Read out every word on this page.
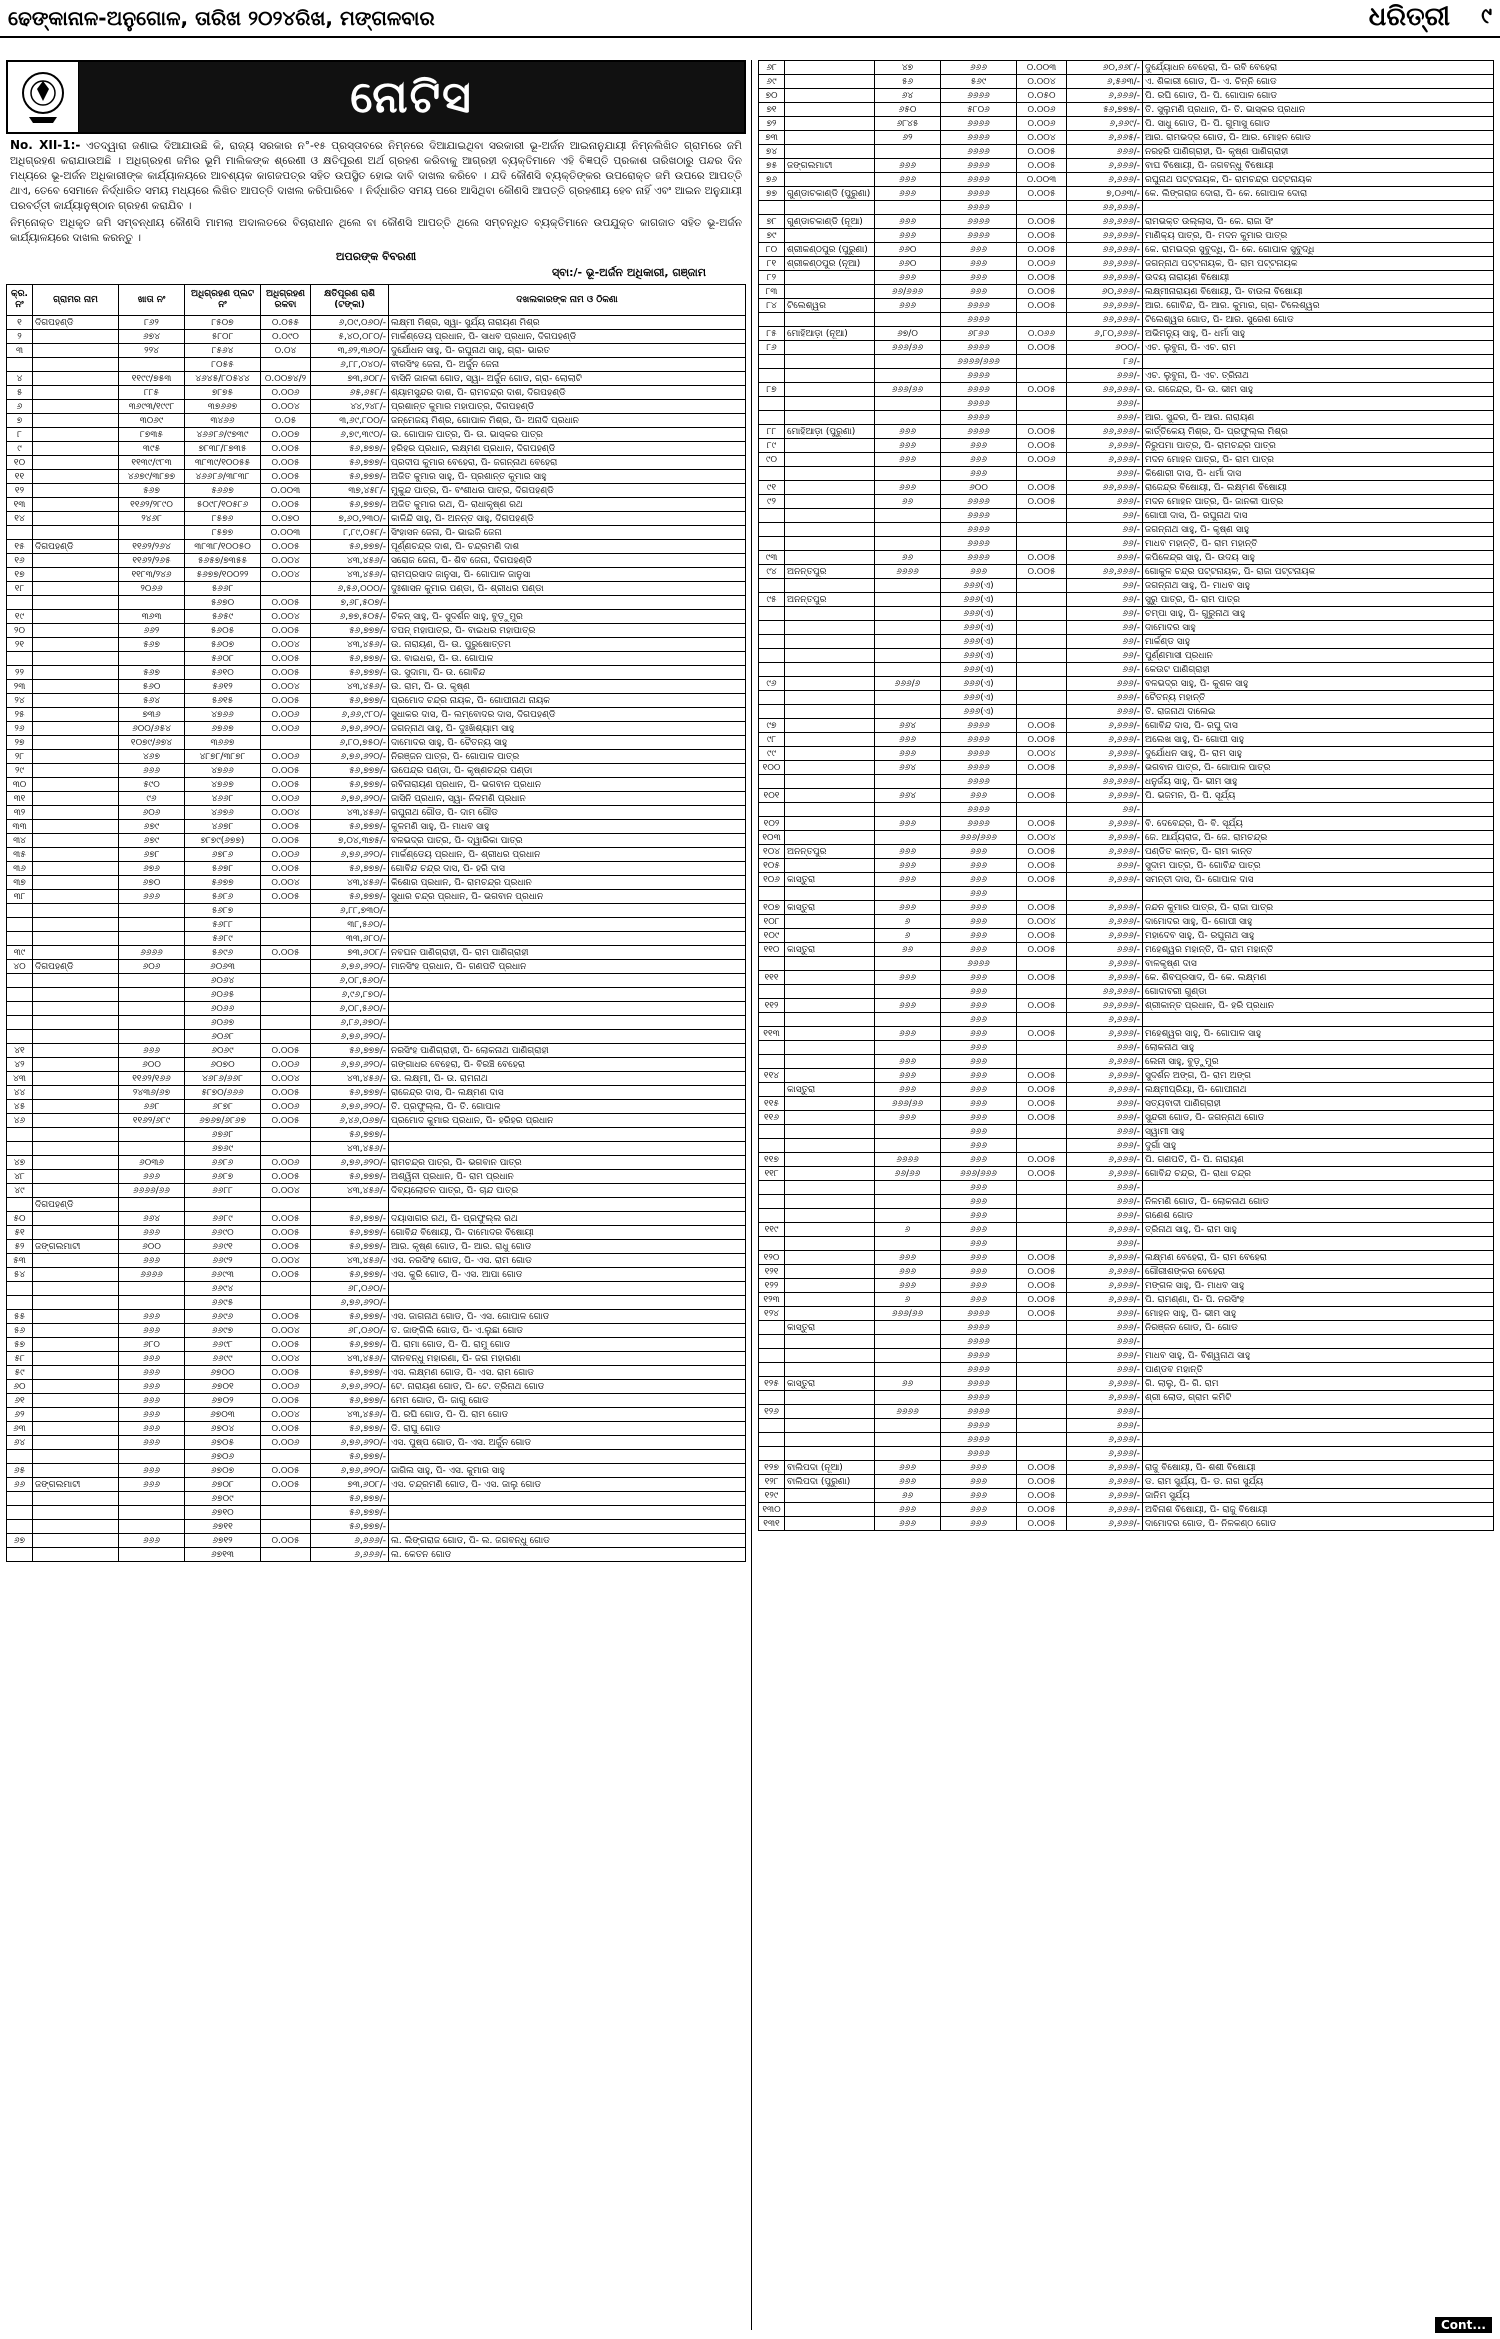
ଢେଙ୍କାନାଳ-ଅନୁଗୋଳ, ତାରିଖ ୨୦୨୪ରିଖ, ମଙ୍ଗଳବାର	ଧରିତ୍ରୀ ୯
ନୋଟିସ
No. XII-1:- ଏତଦ୍ୱାରା ଜଣାଇ ଦିଆଯାଉଛି କି, ରାଜ୍ୟ ସରକାର ନ°-୧୫ ପ୍ରସ୍ତାବରେ ନିମ୍ନରେ ଦିଆଯାଇଥିବା ସରକାରୀ ଭୂ-ଅର୍ଜନ ଆଇନାନୁଯାୟୀ ନିମ୍ନଲିଖିତ ଗ୍ରାମରେ ଜମି ଅଧିଗ୍ରହଣ କରାଯାଉଅଛି । ଅଧିଗ୍ରହଣ ଜମିର ଭୂମି ମାଲିକଙ୍କ ଶ୍ରେଣୀ ଓ କ୍ଷତିପୂରଣ ଅର୍ଥ ଗ୍ରହଣ କରିବାକୁ ଆଗ୍ରହୀ ବ୍ୟକ୍ତିମାନେ ଏହି ବିଜ୍ଞପ୍ତି ପ୍ରକାଶ ତାରିଖଠାରୁ ପନ୍ଦର ଦିନ ମଧ୍ୟରେ ଭୂ-ଅର୍ଜନ ଅଧିକାରୀଙ୍କ କାର୍ଯ୍ୟାଳୟରେ ଆବଶ୍ୟକ କାଗଜପତ୍ର ସହିତ ଉପସ୍ଥିତ ହୋଇ ଦାବି ଦାଖଲ କରିବେ । ଯଦି କୌଣସି ବ୍ୟକ୍ତିଙ୍କର ଉପରୋକ୍ତ ଜମି ଉପରେ ଆପତ୍ତି ଥାଏ, ତେବେ ସେମାନେ ନିର୍ଦ୍ଧାରିତ ସମୟ ମଧ୍ୟରେ ଲିଖିତ ଆପତ୍ତି ଦାଖଲ କରିପାରିବେ । ନିର୍ଦ୍ଧାରିତ ସମୟ ପରେ ଆସିଥିବା କୌଣସି ଆପତ୍ତି ଗ୍ରହଣୀୟ ହେବ ନାହିଁ ଏବଂ ଆଇନ ଅନୁଯାୟୀ ପରବର୍ତ୍ତୀ କାର୍ଯ୍ୟାନୁଷ୍ଠାନ ଗ୍ରହଣ କରାଯିବ ।
ନିମ୍ନୋକ୍ତ ଅଧିକୃତ ଜମି ସମ୍ବନ୍ଧୀୟ କୌଣସି ମାମଲା ଅଦାଲତରେ ବିଚାରାଧୀନ ଥିଲେ ବା କୌଣସି ଆପତ୍ତି ଥିଲେ ସମ୍ବନ୍ଧିତ ବ୍ୟକ୍ତିମାନେ ଉପଯୁକ୍ତ କାଗଜାତ ସହିତ ଭୂ-ଅର୍ଜନ କାର୍ଯ୍ୟାଳୟରେ ଦାଖଲ କରନ୍ତୁ ।
ଅପରଙ୍କ ବିବରଣୀ
ସ୍ବା:/- ଭୂ-ଅର୍ଜନ ଅଧିକାରୀ, ଗଞ୍ଜାମ
କ୍ର. ନଂ	ଗ୍ରାମର ନାମ	ଖାତା ନଂ	ଅଧିଗ୍ରହଣ ପ୍ଲଟ ନଂ	ଅଧିଗ୍ରହଣ ରକବା	କ୍ଷତିପୂରଣ ରାଶି (ଟଙ୍କା)	ଦଖଲକାରଙ୍କ ନାମ ଓ ଠିକଣା
୧	ଦିଗପହଣ୍ଡି	୮୬୨	୮୫୦୭	୦.୦୫୫	୬,୦୯,୦୬୦/-	ଲକ୍ଷ୍ମୀ ମିଶ୍ର, ସ୍ୱା- ସୁର୍ଯ୍ୟ ନାରାୟଣ ମିଶ୍ର
୨		୬୭୪	୫୮୦୮	୦.୦୯୦	୫,୪୦,୦୮୦/-	ମାର୍କଣ୍ଡେୟ ପ୍ରଧାନ, ପି- ସାଧବ ପ୍ରଧାନ, ଦିଗପହଣ୍ଡି
୩		୨୨୪	୮୫୬୪	୦.୦୪	୩,୬୨,୩୬୦/-	ଦୁର୍ଯୋଧନ ସାହୁ, ପି- ରଘୁନାଥ ସାହୁ, ଗ୍ରା- ଭାରତ
			୮୦୫୫		୬,୮୮,୦୪୦/-	ବୀରସିଂହ ଜେନା, ପି- ଅର୍ଜୁନ ଜେନା
୪		୧୧୯୯/୭୫୩	୪୬୪୫/୮୦୫୪୪	୦.୦୦୭୪/୨	୭୩,୬୦୮/-	ବାସିନି ଜାନକୀ ଗୋଡ, ସ୍ୱା- ଅର୍ଜୁନ ଗୋଡ, ଗ୍ରା- ଲୋଲାଟି
୫		୮୮୫	୭୮୭୫	୦.୦୦୬	୬୫,୬୫୮/-	ଶ୍ୟାମସୁନ୍ଦର ଦାଶ, ପି- ରାମଚନ୍ଦ୍ର ଦାଶ, ଦିଗପହଣ୍ଡି
୬		୩୬୯୩/୧୯୯୮	୩୭୬୬୭	୦.୦୦୪	୪୪,୨୪୮/-	ପ୍ରଶାନ୍ତ କୁମାର ମହାପାତ୍ର, ଦିଗପହଣ୍ଡି
୭		୩୦୬୯	୩୪୬୬	୦.୦୫	୩,୬୯,୮୦୦/-	ଜନ୍ମେଜୟ ମିଶ୍ର, ଗୋପାଳ ମିଶ୍ର, ପି- ଅନାଦି ପ୍ରଧାନ
୮		୮୭୩୫	୪୬୬୮୬/୯୭୩୯	୦.୦୦୭	୬,୭୯,୩୯୦/-	ଉ. ଗୋପାଳ ପାତ୍ର, ପି- ଉ. ଭାସ୍କର ପାତ୍ର
୯		୩୯୫	୭୮୩୮/୮୭୩୫	୦.୦୦୫	୫୬,୭୭୭/-	ହରିହର ପ୍ରଧାନ, ଲକ୍ଷ୍ମଣ ପ୍ରଧାନ, ଦିଗପହଣ୍ଡି
୧୦		୧୧୩୯/୯୮୩	୩୮୩୯/୧୦୦୫୫	୦.୦୦୫	୫୬,୭୭୭/-	ପ୍ରଦୀପ କୁମାର ବେହେରା, ପି- ଜଗନ୍ନାଥ ବେହେରା
୧୧		୪୬୭୯/୩୮୭୭	୪୬୬୮୬/୩୮୩୮	୦.୦୦୫	୫୬,୭୭୭/-	ଅଜିତ କୁମାର ସାହୁ, ପି- ପ୍ରଶାନ୍ତ କୁମାର ସାହୁ
୧୨		୫୬୭	୫୬୬୭	୦.୦୦୩	୩୭,୪୫୮/-	ମୁକୁନ୍ଦ ପାତ୍ର, ପି- ବଂଶୀଧର ପାତ୍ର, ଦିଗପହଣ୍ଡି
୧୩		୧୧୬୨/୨୮୯୦	୫୦୯୮/୧୦୫୮୬	୦.୦୦୫	୫୬,୭୭୭/-	ଅଜିତ କୁମାର ରଥ, ପି- ରାଧାକୃଷ୍ଣ ରଥ
୧୪		୨୪୬୮	୮୫୭୬	୦.୦୭୦	୭,୬୦,୨୩୦/-	କାଳିନ୍ଦି ସାହୁ, ପି- ଅନନ୍ତ ସାହୁ, ଦିଗପହଣ୍ଡି
			୮୫୭୭	୦.୦୦୩	୮,୮୯,୦୫୮/-	ସିଂହାସନ ଜେନା, ପି- ଭାଇଜି ଜେନା
୧୫	ଦିଗପହଣ୍ଡି	୧୧୬୨/୨୬୪	୩୮୩୮/୧୦୦୫୦	୦.୦୦୫	୫୬,୭୭୭/-	ପୂର୍ଣ୍ଣଚନ୍ଦ୍ର ଦାଶ, ପି- ଚନ୍ଦ୍ରମଣି ଦାଶ
୧୬		୧୧୬୨/୨୬୫	୫୬୫୭/୭୩୫୫	୦.୦୦୪	୪୩,୪୫୬/-	ସରୋଜ ଜେନା, ପି- ଶିବ ଜେନା, ଦିଗପହଣ୍ଡି
୧୭		୧୧୮୩/୨୪୬	୫୬୭୭/୧୦୦୨୨	୦.୦୦୪	୪୩,୪୫୬/-	ରାମପ୍ରସାଦ ଜାନୁସା, ପି- ଗୋପାଳ ଜାନୁସା
୧୮		୨୦୬୬	୫୬୬୮		୬,୫୬,୦୦୦/-	ଦୁଃଶାସନ କୁମାର ପଣ୍ଡା, ପି- ଶ୍ରୀଧର ପଣ୍ଡା
			୫୬୭୦	୦.୦୦୫	୭,୬୮,୫୦୭/-	
୧୯		୩୬୩	୫୬୫୯	୦.୦୦୪	୬,୭୭,୫୦୫/-	ଚିକନ୍ ସାହୁ, ପି- ସୁଦର୍ଶନ ସାହୁ, ବୁଡ଼ୁମୁର
୨୦		୬୬୨	୫୬୦୫	୦.୦୦୫	୫୬,୭୭୭/-	ତପନ୍ ମହାପାତ୍ର, ପି- ବାଇଧର ମହାପାତ୍ର
୨୧		୫୬୭	୫୬୦୭	୦.୦୦୪	୪୩,୪୫୬/-	ଉ. ନାରାୟଣ, ପି- ଉ. ପୁରୁଷୋତ୍ତମ
			୫୬୦୮	୦.୦୦୫	୫୬,୭୭୭/-	ଉ. ବାଇଧର, ପି- ଉ. ଗୋପାଳ
୨୨		୫୬୭	୫୬୧୦	୦.୦୦୫	୫୬,୭୭୭/-	ଉ. ସୁଦାମା, ପି- ଉ. ଗୋବିନ୍ଦ
୨୩		୫୬୦	୫୬୧୨	୦.୦୦୪	୪୩,୪୫୬/-	ଉ. ରାମ, ପି- ଉ. କୃଷ୍ଣ
୨୪		୫୬୪	୫୬୧୫	୦.୦୦୫	୫୬,୭୭୭/-	ପ୍ରମୋଦ ଚନ୍ଦ୍ର ନାୟକ, ପି- ଗୋପୀନାଥ ନାୟକ
୨୫		୭୩୬	୪୭୬୬	୦.୦୦୬	୬,୬୬,୯୮୦/-	ସୁଧାକର ଦାସ, ପି- ଲମ୍ବୋଦର ଦାସ, ଦିଗପହଣ୍ଡି
୨୬		୬୦୦/୬୫୪	୬୭୬୭	୦.୦୦୬	୬,୭୬,୬୨୦/-	ଜଗନ୍ନାଥ ସାହୁ, ପି- ଦୁଃଖିଶ୍ୟାମ ସାହୁ
୨୭		୧୦୭୯/୬୭୪	୩୬୬୭		୬,୮୦,୭୫୦/-	ଦାମୋଦର ସାହୁ, ପି- ଚୈତନ୍ୟ ସାହୁ
୨୮		୪୬୭	୪୮୭୮/୩୮୭୮	୦.୦୦୬	୬,୭୬,୬୨୦/-	ନିରଞ୍ଜନ ପାତ୍ର, ପି- ଗୋପାଳ ପାତ୍ର
୨୯		୬୬୬	୪୭୬୬	୦.୦୦୫	୫୬,୭୭୭/-	ଉପେନ୍ଦ୍ର ପଣ୍ଡା, ପି- କୃଷ୍ଣଚନ୍ଦ୍ର ପଣ୍ଡା
୩୦		୫୯୦	୪୭୬୭	୦.୦୦୫	୫୬,୭୭୭/-	ରବିନାରାୟଣ ପ୍ରଧାନ, ପି- ଭଗବାନ ପ୍ରଧାନ
୩୧		୯୬	୪୬୬୮	୦.୦୦୬	୬,୭୬,୬୨୦/-	ଜାସିନି ପ୍ରଧାନ, ସ୍ୱା- ନିଳମଣି ପ୍ରଧାନ
୩୨		୬୦୬	୪୬୭୬	୦.୦୦୪	୪୩,୪୫୬/-	ରଘୁନାଥ ଗୌଡ, ପି- ଦାମ ଗୌଡ
୩୩		୬୭୯	୪୬୭୮	୦.୦୦୫	୫୬,୭୭୭/-	କୁଳମଣି ସାହୁ, ପି- ମାଧବ ସାହୁ
୩୪		୬୭୯	୭୮୭୯(୬୭୭)	୦.୦୦୫	୭,୦୪,୩୭୫/-	ବଳଭଦ୍ର ପାତ୍ର, ପି- ଦ୍ୱାରିକା ପାତ୍ର
୩୫		୬୭୮	୬୭୮୬	୦.୦୦୬	୬,୭୬,୬୨୦/-	ମାର୍କଣ୍ଡେୟ ପ୍ରଧାନ, ପି- ଶ୍ରୀଧର ପ୍ରଧାନ
୩୬		୬୭୬	୫୬୭୮	୦.୦୦୫	୫୬,୭୭୭/-	ଗୋବିନ୍ଦ ଚନ୍ଦ୍ର ଦାସ, ପି- ହରି ଦାସ
୩୭		୬୭୦	୫୬୭୭	୦.୦୦୪	୪୩,୪୫୬/-	କିଶୋର ପ୍ରଧାନ, ପି- ରାମଚନ୍ଦ୍ର ପ୍ରଧାନ
୩୮		୬୬୬	୫୬୮୬	୦.୦୦୫	୫୬,୭୭୭/-	ସୁଧାର ଚନ୍ଦ୍ର ପ୍ରଧାନ, ପି- ଭଗବାନ ପ୍ରଧାନ
			୫୬୮୭		୬,୮୮,୭୩୦/-	
			୫୬୮୮		୩୮,୫୬୦/-	
			୫୬୮୯		୩୩,୬୮୦/-	
୩୯		୬୬୬୬	୫୬୯୬	୦.୦୦୫	୭୩,୬୦୮/-	ନବଘନ ପାଣିଗ୍ରାହୀ, ପି- ରାମ ପାଣିଗ୍ରାହୀ
୪୦	ଦିଗପହଣ୍ଡି	୬୦୬	୬୦୬୩		୬,୭୬,୬୨୦/-	ମାନସିଂହ ପ୍ରଧାନ, ପି- ଗଣପତି ପ୍ରଧାନ
			୬୦୬୪		୬,୦୮,୫୬୦/-	
			୬୦୬୫		୬,୯୬,୮୭୦/-	
			୬୦୬୬		୬,୦୮,୫୬୦/-	
			୬୦୬୭		୬,୮୬,୬୭୦/-	
			୬୦୬୮		୬,୭୬,୬୨୦/-	
୪୧		୬୬୬	୬୦୬୯	୦.୦୦୫	୫୬,୭୭୭/-	ନରସିଂହ ପାଣିଗ୍ରାହୀ, ପି- ଲୋକନାଥ ପାଣିଗ୍ରାହୀ
୪୨		୬୦୦	୬୦୭୦	୦.୦୦୬	୬,୭୬,୬୨୦/-	ଗଙ୍ଗାଧର ବେହେରା, ପି- ବିରଞ୍ଚି ବେହେରା
୪୩		୧୧୬୨/୧୬୬	୪୬୮୬/୬୬୮	୦.୦୦୪	୪୩,୪୫୬/-	ଉ. ଲକ୍ଷ୍ମୀ, ପି- ଉ. ରାମନାଥ
୪୪		୨୪୩୬/୬୭	୫୮୭୦/୬୬୬	୦.୦୦୫	୫୬,୭୭୭/-	ରାଜେନ୍ଦ୍ର ଦାସ, ପି- ଲକ୍ଷ୍ମଣ ଦାସ
୪୫		୬୬୮	୬୮୭୮	୦.୦୦୬	୬,୭୬,୬୨୦/-	ତି. ପ୍ରଫୁଲ୍ଲ, ପି- ତି. ଗୋପାଳ
୪୬		୧୧୬୨/୬୮୯	୬୭୬୭/୬୮୬୭	୦.୦୦୫	୬,୪୬,୦୬୭/-	ପ୍ରମୋଦ କୁମାର ପ୍ରଧାନ, ପି- ହରିହର ପ୍ରଧାନ
			୬୭୬୮		୫୬,୭୭୭/-	
			୬୭୬୯		୪୩,୪୫୬/-	
୪୭		୬୦୩୬	୬୬୮୬	୦.୦୦୬	୬,୭୬,୬୨୦/-	ରାମଚନ୍ଦ୍ର ପାତ୍ର, ପି- ଭଗବାନ ପାତ୍ର
୪୮		୬୬୬	୬୬୮୭	୦.୦୦୫	୫୬,୭୭୭/-	ଅଶ୍ୱିନୀ ପ୍ରଧାନ, ପି- ରାମ ପ୍ରଧାନ
୪୯		୬୬୬୬/୬୬	୬୬୮୮	୦.୦୦୪	୪୩,୪୫୬/-	ଦିବ୍ୟଲୋଚନ ପାତ୍ର, ପି- ଚାନ୍ଦ ପାତ୍ର
	ଦିଗପହଣ୍ଡି					
୫୦		୬୬୪	୬୬୮୯	୦.୦୦୫	୫୬,୭୭୭/-	ଦୟାସାଗର ରଥ, ପି- ପ୍ରଫୁଲ୍ଲ ରଥ
୫୧		୬୬୬	୬୬୯୦	୦.୦୦୫	୫୬,୭୭୭/-	ଗୋବିନ୍ଦ ବିଷୋୟୀ, ପି- ଦାମୋଦର ବିଷୋୟୀ
୫୨	ଜଙ୍ଗଲମାଟୀ	୬୦୦	୬୬୯୧	୦.୦୦୫	୫୬,୭୭୭/-	ଆର. କୃଷ୍ଣ ଗୋଡ, ପି- ଆର. ରାଧୁ ଗୋଡ
୫୩		୬୬୬	୬୬୯୨	୦.୦୦୪	୪୩,୪୫୬/-	ଏସ. ନରସିଂହ ଗୋଡ, ପି- ଏସ. ରାମ ଗୋଡ
୫୪		୬୬୬୬	୬୬୯୩	୦.୦୦୫	୫୬,୭୭୭/-	ଏସ. କୁରି ଗୋଡ, ପି- ଏସ. ଆପା ଗୋଡ
			୬୬୯୪		୬୮,୦୬୦/-	
			୬୬୯୫		୬,୭୬,୬୨୦/-	
୫୫		୬୬୬	୬୬୯୬	୦.୦୦୫	୫୬,୭୭୭/-	ଏସ. ଜାଗନାଥ ଗୋଡ, ପି- ଏସ. ଗୋପାଳ ଗୋଡ
୫୬		୬୬୬	୬୬୯୭	୦.୦୦୪	୬୮,୦୬୦/-	ତ. ଜାଙ୍ଗିଲି ଗୋଡ, ପି- ଏ.ଲୁଛା ଗୋଡ
୫୭		୬୮୦	୬୬୯୮	୦.୦୦୫	୫୬,୭୭୭/-	ପି. ରାମା ଗୋଡ, ପି- ପି. ରାମୁ ଗୋଡ
୫୮		୬୬୬	୬୬୯୯	୦.୦୦୪	୪୩,୪୫୬/-	ଦୀନବନ୍ଧୁ ମହାରଣା, ପି- ଜଗ ମହାରଣା
୫୯		୬୬୬	୬୭୦୦	୦.୦୦୫	୫୬,୭୭୭/-	ଏସ. ଲକ୍ଷ୍ମଣ ଗୋଡ, ପି- ଏସ. ରାମ ଗୋଡ
୬୦		୬୬୬	୬୭୦୧	୦.୦୦୬	୬,୭୬,୬୨୦/-	ଟେ. ନାରାୟଣ ଗୋଡ, ପି- ଟେ. ତ୍ରିନାଥ ଗୋଡ
୬୧		୬୬୬	୬୭୦୨	୦.୦୦୫	୫୬,୭୭୭/-	ମେମ ଗୋଡ, ପି- ଜାଗୁ ଗୋଡ
୬୨		୬୬୬	୬୭୦୩	୦.୦୦୪	୪୩,୪୫୬/-	ପି. ରଘି ଗୋଡ, ପି- ପି. ରାମ ଗୋଡ
୬୩		୬୬୬	୬୭୦୪	୦.୦୦୫	୫୬,୭୭୭/-	ଡି. ରାଘୁ ଗୋଡ
୬୪		୬୬୬	୬୭୦୫	୦.୦୦୬	୬,୭୬,୬୨୦/-	ଏସ. ପୁଷ୍ପ ଗୋଡ, ପି- ଏସ. ଅର୍ଜୁନ ଗୋଡ
			୬୭୦୬		୫୬,୭୭୭/-	
୬୫		୬୬୬	୬୭୦୭	୦.୦୦୫	୬,୭୬,୬୨୦/-	ଜାଗିଲ ସାହୁ, ପି- ଏସ. କୁମାର ସାହୁ
୬୬	ଜଙ୍ଗଲମାଟୀ	୬୬୬	୬୭୦୮	୦.୦୦୫	୭୩,୬୦୮/-	ଏସ. ଚନ୍ଦ୍ରମଣି ଗୋଡ, ପି- ଏସ. ଜାଲୁ ଗୋଡ
			୬୭୦୯		୫୬,୭୭୭/-	
			୬୭୧୦		୫୬,୭୭୭/-	
			୬୭୧୧		୫୬,୭୭୭/-	
୬୭		୬୬୬	୬୭୧୨	୦.୦୦୫	୬,୬୬୬/-	ଲ. ଲିଙ୍ଗରାଜ ଗୋଡ, ପି- ଲ. ଜଗବନ୍ଧୁ ଗୋଡ
			୬୭୧୩		୬,୬୬୬/-	ଲ. କେତନ ଗୋଡ
୬୮		୪୭	୬୬୬	୦.୦୦୩	୬୦,୬୬୮/-	ଦୁର୍ଯ୍ୟୋଧନ ବେହେରା, ପି- ରବି ବେହେରା
୬୯		୫୬	୫୬୯	୦.୦୦୪	୬,୫୬୩/-	ଏ. ଶିକାରୀ ଗୋଡ, ପି- ଏ. ଚିନ୍ନି ଗୋଡ
୭୦		୬୪	୬୬୬୬	୦.୦୫୦	୬,୬୬୬/-	ପି. ରଘି ଗୋଡ, ପି- ପି. ଗୋପାଳ ଗୋଡ
୭୧		୬୫୦	୫୮୦୬	୦.୦୦୬	୫୬,୭୭୭/-	ତି. ସୁଲୁମଣି ପ୍ରଧାନ, ପି- ତି. ଭାସ୍କର ପ୍ରଧାନ
୭୨		୬୮୪୫	୬୬୬୬	୦.୦୦୬	୬,୬୬୯/-	ପି. ସାଧୁ ଗୋଡ, ପି- ପି. ଗୁମାସୁ ଗୋଡ
୭୩		୬୨	୬୬୬୬	୦.୦୦୪	୬,୬୬୫/-	ଆର. ରାମଭଦ୍ର ଗୋଡ, ପି- ଆର. ମୋହନ ଗୋଡ
୭୪			୬୬୬୬	୦.୦୦୫	୬୬୬/-	ନରହରି ପାଣିଗ୍ରାହୀ, ପି- କୃଷ୍ଣ ପାଣିଗ୍ରାହୀ
୭୫	ଜଙ୍ଗଲମାଟୀ	୬୬୬	୬୬୬୬	୦.୦୦୫	୬,୬୬୬/-	ବାଘ ବିଷୋୟୀ, ପି- ଜଗବନ୍ଧୁ ବିଷୋୟୀ
୭୬		୬୬୬	୬୬୬୬	୦.୦୦୩	୬,୬୬୬/-	ରଘୁନାଥ ପଟ୍ଟନାୟକ, ପି- ରାମଚନ୍ଦ୍ର ପଟ୍ଟନାୟକ
୭୭	ଗୁଣ୍ଡାଚକାଣ୍ଡି (ପୁରୁଣା)	୬୬୬	୬୬୬୬	୦.୦୦୫	୭,୦୬୩/-	କେ. ଲିଙ୍ଗରାଜ ଦୋରା, ପି- କେ. ଗୋପାଳ ଦୋରା
			୬୬୬୬		୬୬,୬୬୬/-	
୭୮	ଗୁଣ୍ଡାଚକାଣ୍ଡି (ନୂଆ)	୬୬୬	୬୬୬୬	୦.୦୦୫	୬୬,୬୬୬/-	ରାମଭକ୍ତ ଉଲ୍ଲାସ, ପି- କେ. ରାଜା ସିଂ
୭୯		୬୬୬	୬୬୬୬	୦.୦୦୫	୬୬,୬୬୬/-	ମାଣିକ୍ୟ ପାତ୍ର, ପି- ମଦନ କୁମାର ପାତ୍ର
୮୦	ଶ୍ରୀକଣ୍ଠପୁର (ପୁରୁଣା)	୬୬୦	୬୬୬	୦.୦୦୫	୬୬,୬୬୬/-	କେ. ରାମଭଦ୍ର ସୁବୁଦ୍ଧି, ପି- କେ. ଗୋପାଳ ସୁବୁଦ୍ଧି
୮୧	ଶ୍ରୀକଣ୍ଠପୁର (ନୂଆ)	୬୬୦	୬୬୬	୦.୦୦୬	୬୬,୬୬୬/-	ଜଗନ୍ନାଥ ପଟ୍ଟନାୟକ, ପି- ରାମ ପଟ୍ଟନାୟକ
୮୨		୬୬୬	୬୬୬	୦.୦୦୫	୬୬,୬୬୬/-	ଉଦୟ ନାରାୟଣ ବିଷୋୟୀ
୮୩		୬୬/୬୬୬	୬୬୬	୦.୦୦୫	୬୦,୬୬୬/-	ଲକ୍ଷ୍ମୀନାରାୟଣ ବିଷୋୟୀ, ପି- ବାଉଳା ବିଷୋୟୀ
୮୪	ଟିଲେଶ୍ୱର	୬୬୬	୬୬୬୬	୦.୦୦୫	୬୬,୬୬୬/-	ଆର. ଗୋବିନ୍ଦ, ପି- ଆର. କୁମାର, ଗ୍ରା- ଟିଲେଶ୍ୱର
			୬୬୬୬		୬୬,୬୬୬/-	ଟିଲେଶ୍ୱର ଗୋଡ, ପି- ଆର. ସୁରେଶ ଗୋଡ
୮୫	ମୋହିଆଡ଼ା (ନୂଆ)	୬୭/୦	୬୮୬୬	୦.୦୬୬	୬,୮୦,୬୬୬/-	ଅଭିମନ୍ୟୁ ସାହୁ, ପି- ଧର୍ମା ସାହୁ
୮୬		୬୬୬/୬୬	୬୬୬୬	୦.୦୦୫	୬୦୦/-	ଏଚ. ଲୁବୁନା, ପି- ଏଚ. ରାମ
			୬୬୬୬/୬୬୬		୮୬/-	
			୬୬୬୬		୬୬୬/-	ଏଚ. ଲୁବୁନା, ପି- ଏଚ. ତ୍ରିନାଥ
୮୭		୬୬୬/୬୬	୬୬୬୬	୦.୦୦୫	୬୬,୬୬୬/-	ଉ. ଗଜେନ୍ଦ୍ର, ପି- ଉ. ଭୀମ ସାହୁ
			୬୬୬୬		୬୬୬/-	
			୬୬୬୬		୬୬୬/-	ଆର. ସୁନ୍ଦର, ପି- ଆର. ନାରାୟଣ
୮୮	ମୋହିଆଡ଼ା (ପୁରୁଣା)	୬୬୬	୬୬୬୬	୦.୦୦୫	୬୬,୬୬୬/-	କାର୍ତ୍ତିକେୟ ମିଶ୍ର, ପି- ପ୍ରଫୁଲ୍ଲ ମିଶ୍ର
୮୯		୬୬୬	୬୬୬	୦.୦୦୫	୬,୬୬୬/-	ନିରୁପମା ପାତ୍ର, ପି- ରାମଚନ୍ଦ୍ର ପାତ୍ର
୯୦		୬୬୬	୬୬୬	୦.୦୦୬	୬,୬୬୬/-	ମଦନ ମୋହନ ପାତ୍ର, ପି- ରାମ ପାତ୍ର
			୬୬୬		୬୬୬/-	କିଶୋରୀ ଦାସ, ପି- ଧର୍ମା ଦାସ
୯୧		୬୬୬	୬୦୦	୦.୦୦୫	୬୬,୬୬୬/-	ରାଜେନ୍ଦ୍ର ବିଷୋୟୀ, ପି- ଲକ୍ଷ୍ମଣ ବିଷୋୟୀ
୯୨		୬୬	୬୬୬୬	୦.୦୦୫	୬୬୬/-	ମଦନ ମୋହନ ପାତ୍ର, ପି- ଜାନକୀ ପାତ୍ର
			୬୬୬୬		୬୬/-	ଗୋପୀ ଦାସ, ପି- ରଘୁନାଥ ଦାସ
			୬୬୬୬		୬୬/-	ଜଗନ୍ନାଥ ସାହୁ, ପି- କୃଷ୍ଣ ସାହୁ
			୬୬୬୬		୬୬/-	ମାଧବ ମହାନ୍ତି, ପି- ରାମ ମହାନ୍ତି
୯୩		୬୬	୬୬୬୬	୦.୦୦୫	୬୬୬/-	କପିଳେନ୍ଦ୍ର ସାହୁ, ପି- ଉଦୟ ସାହୁ
୯୪	ଅନନ୍ତପୁର	୬୬୬୬	୬୬୬	୦.୦୦୫	୬୬,୬୬୬/-	ଗୋକୁଳ ଚନ୍ଦ୍ର ପଟ୍ଟନାୟକ, ପି- ରାଜା ପଟ୍ଟନାୟକ
			୬୬୬(ଏ)		୬୬/-	ଜଗନ୍ନାଥ ସାହୁ, ପି- ମାଧବ ସାହୁ
୯୫	ଅନନ୍ତପୁର		୬୬୬(ଏ)		୬୬/-	ସୁରୁ ପାତ୍ର, ପି- ରାମ ପାତ୍ର
			୬୬୬(ଏ)		୬୬/-	ଚମ୍ପା ସାହୁ, ପି- ଗୁରୁନାଥ ସାହୁ
			୬୬୬(ଏ)		୬୬/-	ଦାମୋଦର ସାହୁ
			୬୬୬(ଏ)		୬୬/-	ମାର୍କଣ୍ଡ ସାହୁ
			୬୬୬(ଏ)		୬୬/-	ପୁର୍ଣ୍ଣମାସୀ ପ୍ରଧାନ
			୬୬୬(ଏ)		୬୬/-	କେଉଟ ପାଣିଗ୍ରାହୀ
୯୬		୬୬୬/୬	୬୬୬(ଏ)		୬୬୬/-	ବଳଭଦ୍ର ସାହୁ, ପି- କୁଶଳ ସାହୁ
			୬୬୬(ଏ)		୬୬୬/-	ଚୈତନ୍ୟ ମହାନ୍ତି
			୬୬୬(ଏ)		୬୬୬/-	ତି. ରାଜନାଥ ଦାଲେଇ
୯୭		୬୬୪	୬୬୬୬	୦.୦୦୫	୬,୬୬୬/-	ଗୋବିନ୍ଦ ଦାସ, ପି- ରଘୁ ଦାସ
୯୮		୬୬୬	୬୬୬୬	୦.୦୦୫	୬,୬୬୬/-	ଅଲେଖ ସାହୁ, ପି- ଗୋପୀ ସାହୁ
୯୯		୬୬୬	୬୬୬୬	୦.୦୦୪	୬,୬୬୬/-	ଦୁର୍ଯୋଧନ ସାହୁ, ପି- ରାମ ସାହୁ
୧୦୦		୬୬୪	୬୬୬୬	୦.୦୦୫	୬,୬୬୬/-	ଭଗବାନ ପାତ୍ର, ପି- ଗୋପାଳ ପାତ୍ର
			୬୬୬୬		୬୬,୬୬୬/-	ଧନୁର୍ଜୟ ସାହୁ, ପି- ଭୀମ ସାହୁ
୧୦୧		୬୬୪	୬୬୬	୦.୦୦୫	୬,୬୬୬/-	ପି. ଭଜମନ, ପି- ପି. ସୂର୍ଯ୍ୟ
			୬୬୬୬		୬୬/-	
୧୦୨		୬୬୬	୬୬୬୬	୦.୦୦୫	୬,୬୬୬/-	ବି. ଦେବେନ୍ଦ୍ର, ପି- ବି. ସୂର୍ଯ୍ୟ
୧୦୩			୬୬୬/୬୬୬	୦.୦୦୪	୬,୬୬୬/-	ଜେ. ଆର୍ଯ୍ୟରାଜ, ପି- ଜେ. ରାମଚନ୍ଦ୍ର
୧୦୪	ଅନନ୍ତପୁର	୬୬୬	୬୬୬	୦.୦୦୫	୬,୬୬୬/-	ପଣ୍ଡିତ କାନ୍ତ, ପି- ରାମ କାନ୍ତ
୧୦୫		୬୬୬	୬୬୬	୦.୦୦୫	୬୬୬/-	ସୁଦାମ ପାତ୍ର, ପି- ଗୋବିନ୍ଦ ପାତ୍ର
୧୦୬	କାସ୍ତୁରା	୬୬୬	୬୬୬	୦.୦୦୫	୬,୬୬୬/-	ସମନ୍ତୀ ଦାସ, ପି- ଗୋପାଳ ଦାସ
			୬୬୬			
୧୦୭	କାସ୍ତୁରା	୬୬୬	୬୬୬	୦.୦୦୫	୬,୬୬୬/-	ନନ୍ଦନ କୁମାର ପାତ୍ର, ପି- ରାଜା ପାତ୍ର
୧୦୮		୬	୬୬୬	୦.୦୦୪	୬,୬୬୬/-	ଦାମୋଦର ସାହୁ, ପି- ଗୋପୀ ସାହୁ
୧୦୯		୬	୬୬୬	୦.୦୦୫	୬,୬୬୬/-	ମହାଦେବ ସାହୁ, ପି- ରଘୁନାଥ ସାହୁ
୧୧୦	କାସ୍ତୁରା	୬୬	୬୬୬	୦.୦୦୫	୬୬୬/-	ମହେଶ୍ୱର ମହାନ୍ତି, ପି- ରାମ ମହାନ୍ତି
			୬୬୬୬		୬,୬୬୬/-	ବାଳକୃଷ୍ଣ ଦାସ
୧୧୧		୬୬୬	୬୬୬	୦.୦୦୫	୬,୬୬୬/-	କେ. ଶିବପ୍ରସାଦ, ପି- କେ. ଲକ୍ଷ୍ମଣ
			୬୬୬		୬୬,୬୬୬/-	ଗୋଦାବରୀ ଗୁଣ୍ଡା
୧୧୨		୬୬୬	୬୬୬	୦.୦୦୫	୬୬,୬୬୬/-	ଶ୍ରୀକାନ୍ତ ପ୍ରଧାନ, ପି- ହରି ପ୍ରଧାନ
			୬୬୬		୬,୬୬୬/-	
୧୧୩		୬୬୬	୬୬୬	୦.୦୦୫	୬,୬୬୬/-	ମହେଶ୍ୱର ସାହୁ, ପି- ଗୋପାଳ ସାହୁ
			୬୬୬		୬୬୬/-	ଲୋକନାଥ ସାହୁ
		୬୬୬	୬୬୬		୬,୬୬୬/-	ଲେନୀ ସାହୁ, ବୁଡ଼ୁମୁର
୧୧୪		୬୬୬	୬୬୬	୦.୦୦୫	୬,୬୬୬/-	ସୁଦର୍ଶନ ଅଙ୍ଗ, ପି- ରାମ ଅଙ୍ଗ
	କାସ୍ତୁରା	୬୬୬	୬୬୬	୦.୦୦୫	୬,୬୬୬/-	ଲକ୍ଷ୍ମୀପ୍ରିୟା, ପି- ଗୋପୀନାଥ
୧୧୫		୬୬୬/୬୬	୬୬୬	୦.୦୦୫	୬୬୬/-	ସତ୍ୟବାଦୀ ପାଣିଗ୍ରାହୀ
୧୧୬		୬୬୬	୬୬୬	୦.୦୦୫	୬୬୬/-	ସୁନ୍ଦରୀ ଗୋଡ, ପି- ଜଗନ୍ନାଥ ଗୋଡ
			୬୬୬		୬୬୬/-	ସ୍ୱାମୀ ସାହୁ
			୬୬୬		୬୬୬/-	ଦୁର୍ଗା ସାହୁ
୧୧୭		୬୬୬୬	୬୬୬	୦.୦୦୫	୬,୬୬୬/-	ପି. ଗଣପତି, ପି- ପି. ନାରାୟଣ
୧୧୮		୬୬/୬୬	୬୬୬/୬୬୬	୦.୦୦୫	୬,୬୬୬/-	ଗୋବିନ୍ଦ ଚନ୍ଦ୍ର, ପି- ରାଧା ଚନ୍ଦ୍ର
			୬୬୬		୬୬୬/-	
			୬୬୬		୬୬୬/-	ନିଳମଣି ଗୋଡ, ପି- ଲୋକନାଥ ଗୋଡ
			୬୬୬		୬୬୬/-	ଗଣେଶ ଗୋଡ
୧୧୯		୬	୬୬୬		୬,୬୬୬/-	ତ୍ରିନାଥ ସାହୁ, ପି- ରାମ ସାହୁ
			୬୬୬		୬୬୬/-	
୧୨୦		୬୬୬	୬୬୬	୦.୦୦୫	୬,୬୬୬/-	ଲକ୍ଷ୍ମଣ ବେହେରା, ପି- ରାମ ବେହେରା
୧୨୧		୬୬୬	୬୬୬	୦.୦୦୫	୬,୬୬୬/-	ଗୌରୀଶଙ୍କର ବେହେରା
୧୨୨		୬୬୬	୬୬୬	୦.୦୦୫	୬,୬୬୬/-	ମଙ୍ଗଳ ସାହୁ, ପି- ମାଧବ ସାହୁ
୧୨୩		୬	୬୬୬	୦.୦୦୫	୬,୬୬୬/-	ପି. ରାମଣ୍ଣା, ପି- ପି. ନରସିଂହ
୧୨୪		୬୬୬/୬୬	୬୬୬୬	୦.୦୦୫	୬୬୬/-	ମୋହନ ସାହୁ, ପି- ଭୀମ ସାହୁ
	କାସ୍ତୁରା		୬୬୬୬		୬୬୬/-	ନିରଞ୍ଜନ ଗୋଡ, ପି- ଗୋଡ
			୬୬୬୬		୬୬୬/-	
			୬୬୬୬		୬୬୬/-	ମାଧବ ସାହୁ, ପି- ବିଶ୍ୱନାଥ ସାହୁ
			୬୬୬୬		୬୬୬/-	ପାଣ୍ଡବ ମହାନ୍ତି
୧୨୫	କାସ୍ତୁରା	୬୬	୬୬୬୬		୬,୬୬୬/-	ଗି. ଲାଲୁ, ପି- ଗି. ରାମ
			୬୬୬୬		୬,୬୬୬/-	ଶ୍ରୀ ଲୋଡ, ଗ୍ରାମ କମିଟି
୧୨୬		୬୬୬୬	୬୬୬୬		୬୬୬/-	
			୬୬୬୬		୬୬୬/-	
			୬୬୬୬		୬,୬୬୬/-	
			୬୬୬୬		୬,୬୬୬/-	
୧୨୭	ବାଲିପଦା (ନୂଆ)	୬୬୬	୬୬୬	୦.୦୦୫	୬,୬୬୬/-	ରାଜୁ ବିଷୋୟୀ, ପି- ଶଶୀ ବିଷୋୟୀ
୧୨୮	ବାଲିପଦା (ପୁରୁଣା)	୬୬୬	୬୬୬	୦.୦୦୫	୬,୬୬୬/-	ଡ. ରାମ ସୁର୍ଯ୍ୟ, ପି- ଡ. ନାଗ ସୁର୍ଯ୍ୟ
୧୨୯		୬୬	୬୬୬	୦.୦୦୫	୬,୬୬୬/-	ଜାନିମ ସୁର୍ଯ୍ୟ
୧୩୦		୬୬୬	୬୬୬	୦.୦୦୫	୬,୬୬୬/-	ଅବିନାଶ ବିଷୋୟୀ, ପି- ରାଜୁ ବିଷୋୟୀ
୧୩୧		୬୬୬	୬୬୬	୦.୦୦୫	୬,୬୬୬/-	ଦାମୋଦର ଗୋଡ, ପି- ନିଳକଣ୍ଠ ଗୋଡ
Cont...
